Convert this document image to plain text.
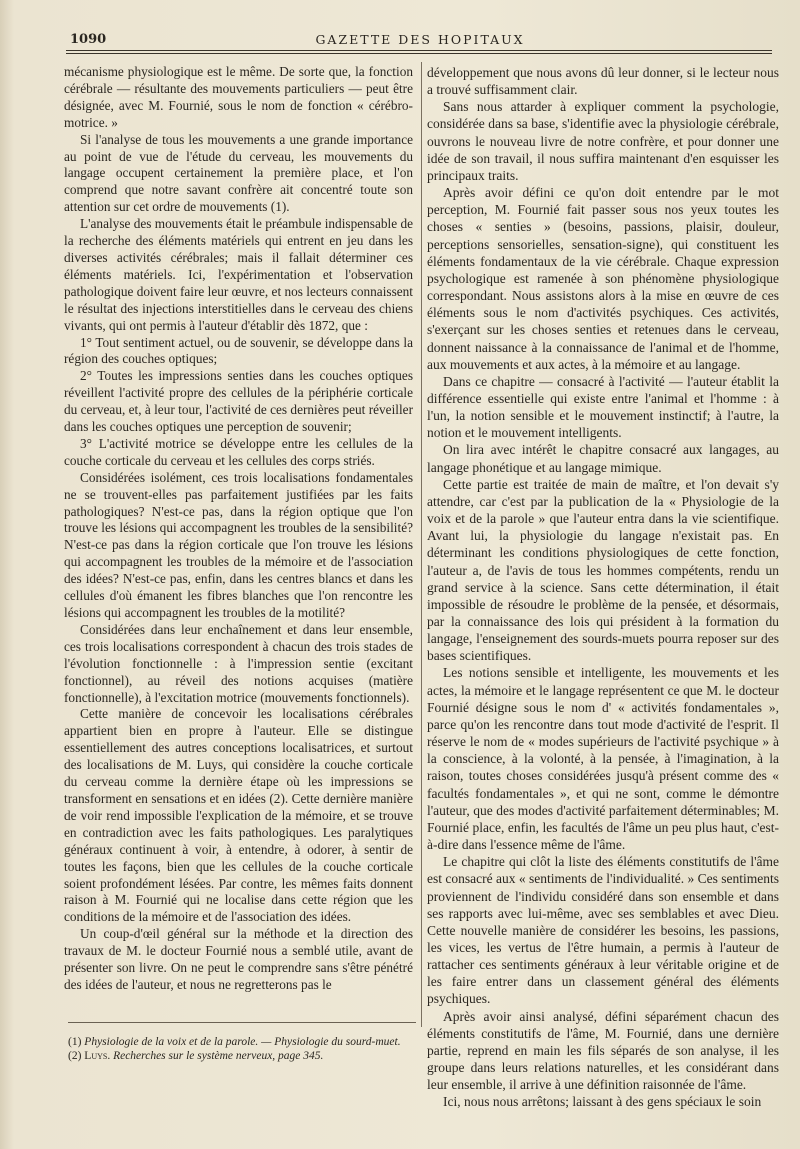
1090	GAZETTE DES HOPITAUX

mécanisme physiologique est le même. De sorte que, la fonction cérébrale — résultante des mouvements particuliers — peut être désignée, avec M. Fournié, sous le nom de fonction « cérébro-motrice. »

Si l'analyse de tous les mouvements a une grande importance au point de vue de l'étude du cerveau, les mouvements du langage occupent certainement la première place, et l'on comprend que notre savant confrère ait concentré toute son attention sur cet ordre de mouvements (1).

L'analyse des mouvements était le préambule indispensable de la recherche des éléments matériels qui entrent en jeu dans les diverses activités cérébrales; mais il fallait déterminer ces éléments matériels. Ici, l'expérimentation et l'observation pathologique doivent faire leur œuvre, et nos lecteurs connaissent le résultat des injections interstitielles dans le cerveau des chiens vivants, qui ont permis à l'auteur d'établir dès 1872, que :

1° Tout sentiment actuel, ou de souvenir, se développe dans la région des couches optiques;

2° Toutes les impressions senties dans les couches optiques réveillent l'activité propre des cellules de la périphérie corticale du cerveau, et, à leur tour, l'activité de ces dernières peut réveiller dans les couches optiques une perception de souvenir;

3° L'activité motrice se développe entre les cellules de la couche corticale du cerveau et les cellules des corps striés.

Considérées isolément, ces trois localisations fondamentales ne se trouvent-elles pas parfaitement justifiées par les faits pathologiques? N'est-ce pas, dans la région optique que l'on trouve les lésions qui accompagnent les troubles de la sensibilité? N'est-ce pas dans la région corticale que l'on trouve les lésions qui accompagnent les troubles de la mémoire et de l'association des idées? N'est-ce pas, enfin, dans les centres blancs et dans les cellules d'où émanent les fibres blanches que l'on rencontre les lésions qui accompagnent les troubles de la motilité?

Considérées dans leur enchaînement et dans leur ensemble, ces trois localisations correspondent à chacun des trois stades de l'évolution fonctionnelle : à l'impression sentie (excitant fonctionnel), au réveil des notions acquises (matière fonctionnelle), à l'excitation motrice (mouvements fonctionnels).

Cette manière de concevoir les localisations cérébrales appartient bien en propre à l'auteur. Elle se distingue essentiellement des autres conceptions localisatrices, et surtout des localisations de M. Luys, qui considère la couche corticale du cerveau comme la dernière étape où les impressions se transforment en sensations et en idées (2). Cette dernière manière de voir rend impossible l'explication de la mémoire, et se trouve en contradiction avec les faits pathologiques. Les paralytiques généraux continuent à voir, à entendre, à odorer, à sentir de toutes les façons, bien que les cellules de la couche corticale soient profondément lésées. Par contre, les mêmes faits donnent raison à M. Fournié qui ne localise dans cette région que les conditions de la mémoire et de l'association des idées.

Un coup-d'œil général sur la méthode et la direction des travaux de M. le docteur Fournié nous a semblé utile, avant de présenter son livre. On ne peut le comprendre sans s'être pénétré des idées de l'auteur, et nous ne regretterons pas le

développement que nous avons dû leur donner, si le lecteur nous a trouvé suffisamment clair.

Sans nous attarder à expliquer comment la psychologie, considérée dans sa base, s'identifie avec la physiologie cérébrale, ouvrons le nouveau livre de notre confrère, et pour donner une idée de son travail, il nous suffira maintenant d'en esquisser les principaux traits.

Après avoir défini ce qu'on doit entendre par le mot perception, M. Fournié fait passer sous nos yeux toutes les choses « senties » (besoins, passions, plaisir, douleur, perceptions sensorielles, sensation-signe), qui constituent les éléments fondamentaux de la vie cérébrale. Chaque expression psychologique est ramenée à son phénomène physiologique correspondant. Nous assistons alors à la mise en œuvre de ces éléments sous le nom d'activités psychiques. Ces activités, s'exerçant sur les choses senties et retenues dans le cerveau, donnent naissance à la connaissance de l'animal et de l'homme, aux mouvements et aux actes, à la mémoire et au langage.

Dans ce chapitre — consacré à l'activité — l'auteur établit la différence essentielle qui existe entre l'animal et l'homme : à l'un, la notion sensible et le mouvement instinctif; à l'autre, la notion et le mouvement intelligents.

On lira avec intérêt le chapitre consacré aux langages, au langage phonétique et au langage mimique.

Cette partie est traitée de main de maître, et l'on devait s'y attendre, car c'est par la publication de la « Physiologie de la voix et de la parole » que l'auteur entra dans la vie scientifique. Avant lui, la physiologie du langage n'existait pas. En déterminant les conditions physiologiques de cette fonction, l'auteur a, de l'avis de tous les hommes compétents, rendu un grand service à la science. Sans cette détermination, il était impossible de résoudre le problème de la pensée, et désormais, par la connaissance des lois qui président à la formation du langage, l'enseignement des sourds-muets pourra reposer sur des bases scientifiques.

Les notions sensible et intelligente, les mouvements et les actes, la mémoire et le langage représentent ce que M. le docteur Fournié désigne sous le nom d' « activités fondamentales », parce qu'on les rencontre dans tout mode d'activité de l'esprit. Il réserve le nom de « modes supérieurs de l'activité psychique » à la conscience, à la volonté, à la pensée, à l'imagination, à la raison, toutes choses considérées jusqu'à présent comme des « facultés fondamentales », et qui ne sont, comme le démontre l'auteur, que des modes d'activité parfaitement déterminables; M. Fournié place, enfin, les facultés de l'âme un peu plus haut, c'est-à-dire dans l'essence même de l'âme.

Le chapitre qui clôt la liste des éléments constitutifs de l'âme est consacré aux « sentiments de l'individualité. » Ces sentiments proviennent de l'individu considéré dans son ensemble et dans ses rapports avec lui-même, avec ses semblables et avec Dieu. Cette nouvelle manière de considérer les besoins, les passions, les vices, les vertus de l'être humain, a permis à l'auteur de rattacher ces sentiments généraux à leur véritable origine et de les faire entrer dans un classement général des éléments psychiques.

Après avoir ainsi analysé, défini séparément chacun des éléments constitutifs de l'âme, M. Fournié, dans une dernière partie, reprend en main les fils séparés de son analyse, il les groupe dans leurs relations naturelles, et les considérant dans leur ensemble, il arrive à une définition raisonnée de l'âme.

Ici, nous nous arrêtons; laissant à des gens spéciaux le soin

(1) Physiologie de la voix et de la parole. — Physiologie du sourd-muet.
(2) Luys. Recherches sur le système nerveux, page 345.
